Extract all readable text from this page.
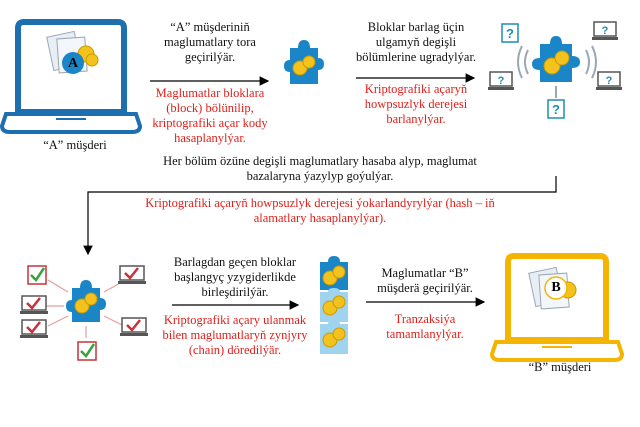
?	?
?	?
?
A
B
“A” müşderi
“B” müşderi
“A” müşderiniň maglumatlary tora geçirilýär.
Maglumatlar bloklara (block) bölünilip, kriptografiki açar kody hasaplanylýar.
Bloklar barlag üçin ulgamyň degişli bölümlerine ugradylýar.
Kriptografiki açaryň howpsuzlyk derejesi barlanylýar.
Her bölüm özüne degişli maglumatlary hasaba alyp, maglumat bazalaryna ýazylyp goýulýar.
Kriptografiki açaryň howpsuzlyk derejesi ýokarlandyrylýar (hash – iň alamatlary hasaplanylýar).
Barlagdan geçen bloklar başlangyç yzygiderlikde birleşdirilýär.
Kriptografiki açary ulanmak bilen maglumatlaryň zynjyry (chain) döredilýär.
Maglumatlar “B” müşderä geçirilýär.
Tranzaksiýa tamamlanylýar.
